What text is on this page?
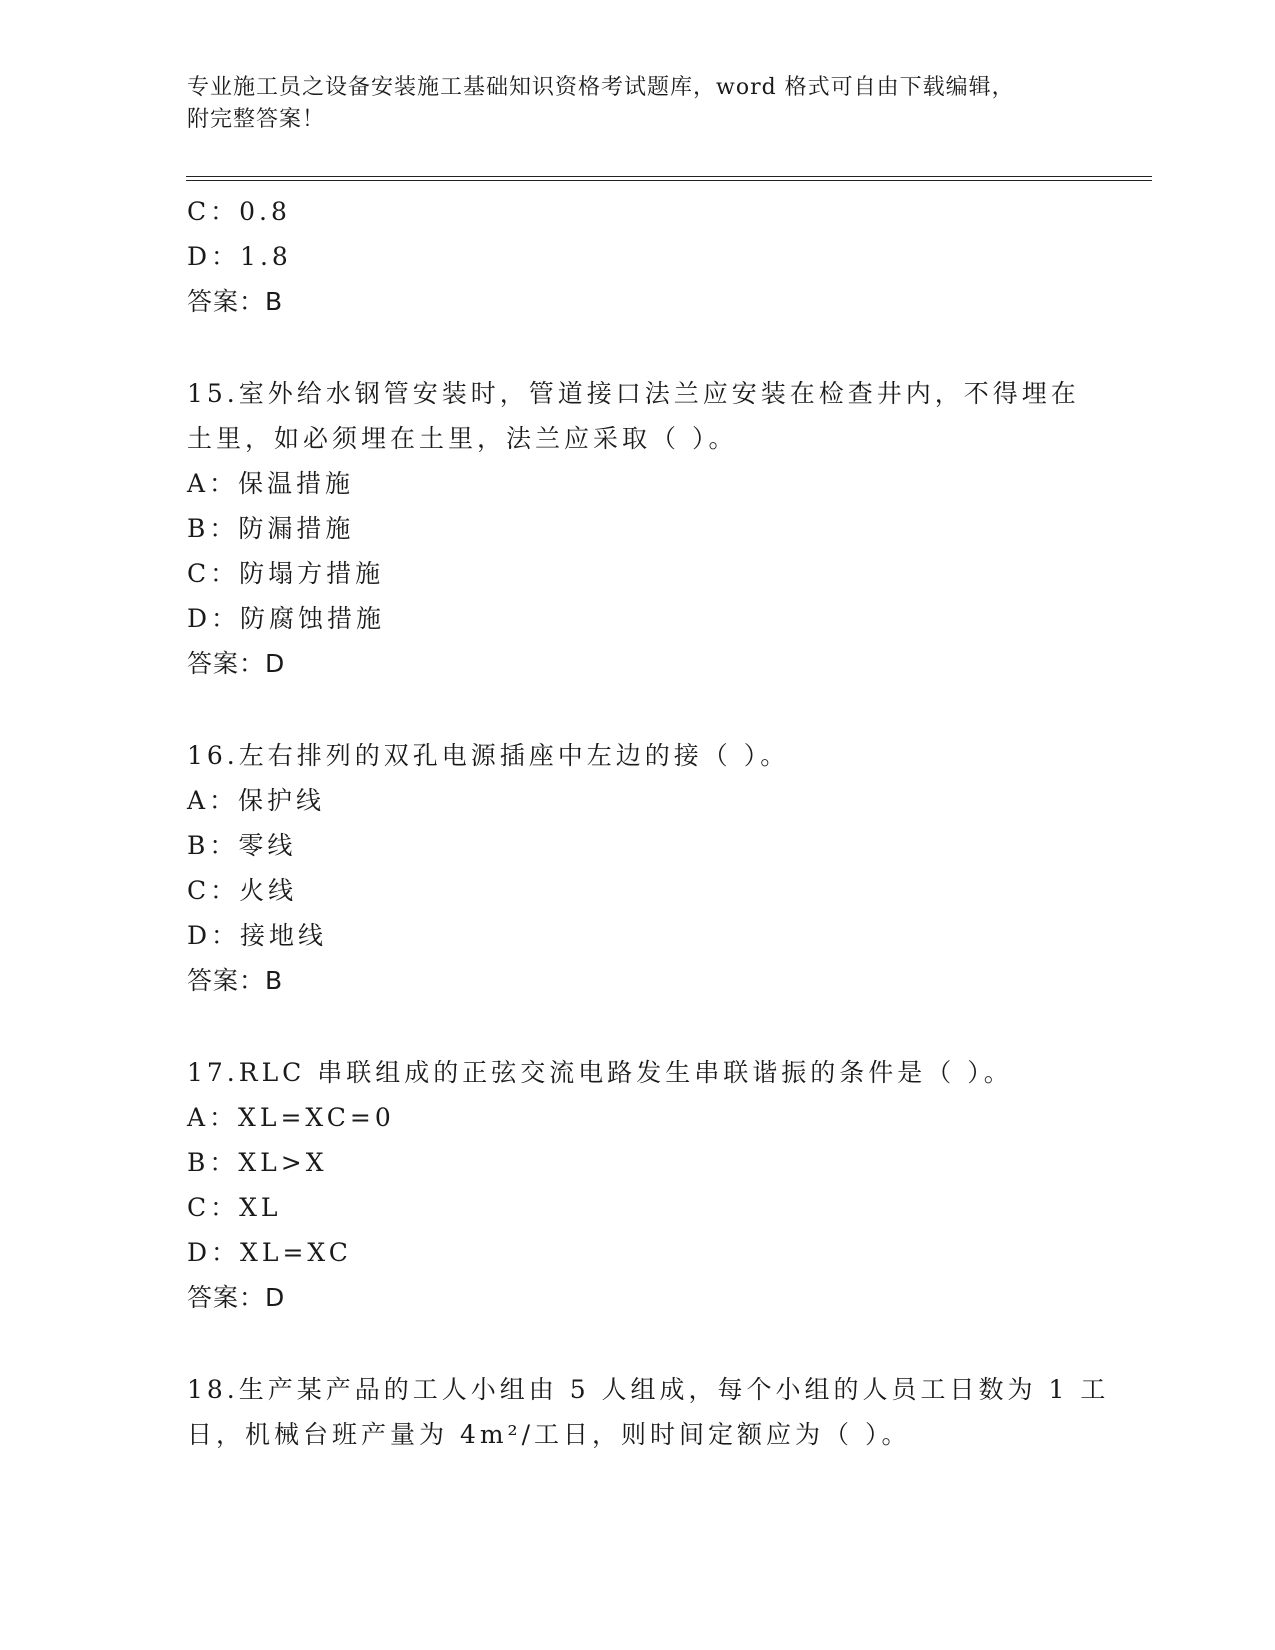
专业施工员之设备安装施工基础知识资格考试题库，word 格式可自由下载编辑，
附完整答案！
C：0.8
D：1.8
答案：B
15.室外给水钢管安装时，管道接口法兰应安装在检查井内，不得埋在
土里，如必须埋在土里，法兰应采取（ ）。
A：保温措施
B：防漏措施
C：防塌方措施
D：防腐蚀措施
答案：D
16.左右排列的双孔电源插座中左边的接（ ）。
A：保护线
B：零线
C：火线
D：接地线
答案：B
17.RLC 串联组成的正弦交流电路发生串联谐振的条件是（ ）。
A：XL=XC=0
B：XL>X
C：XL
D：XL=XC
答案：D
18.生产某产品的工人小组由 5 人组成，每个小组的人员工日数为 1 工
日，机械台班产量为 4m²/工日，则时间定额应为（ ）。
